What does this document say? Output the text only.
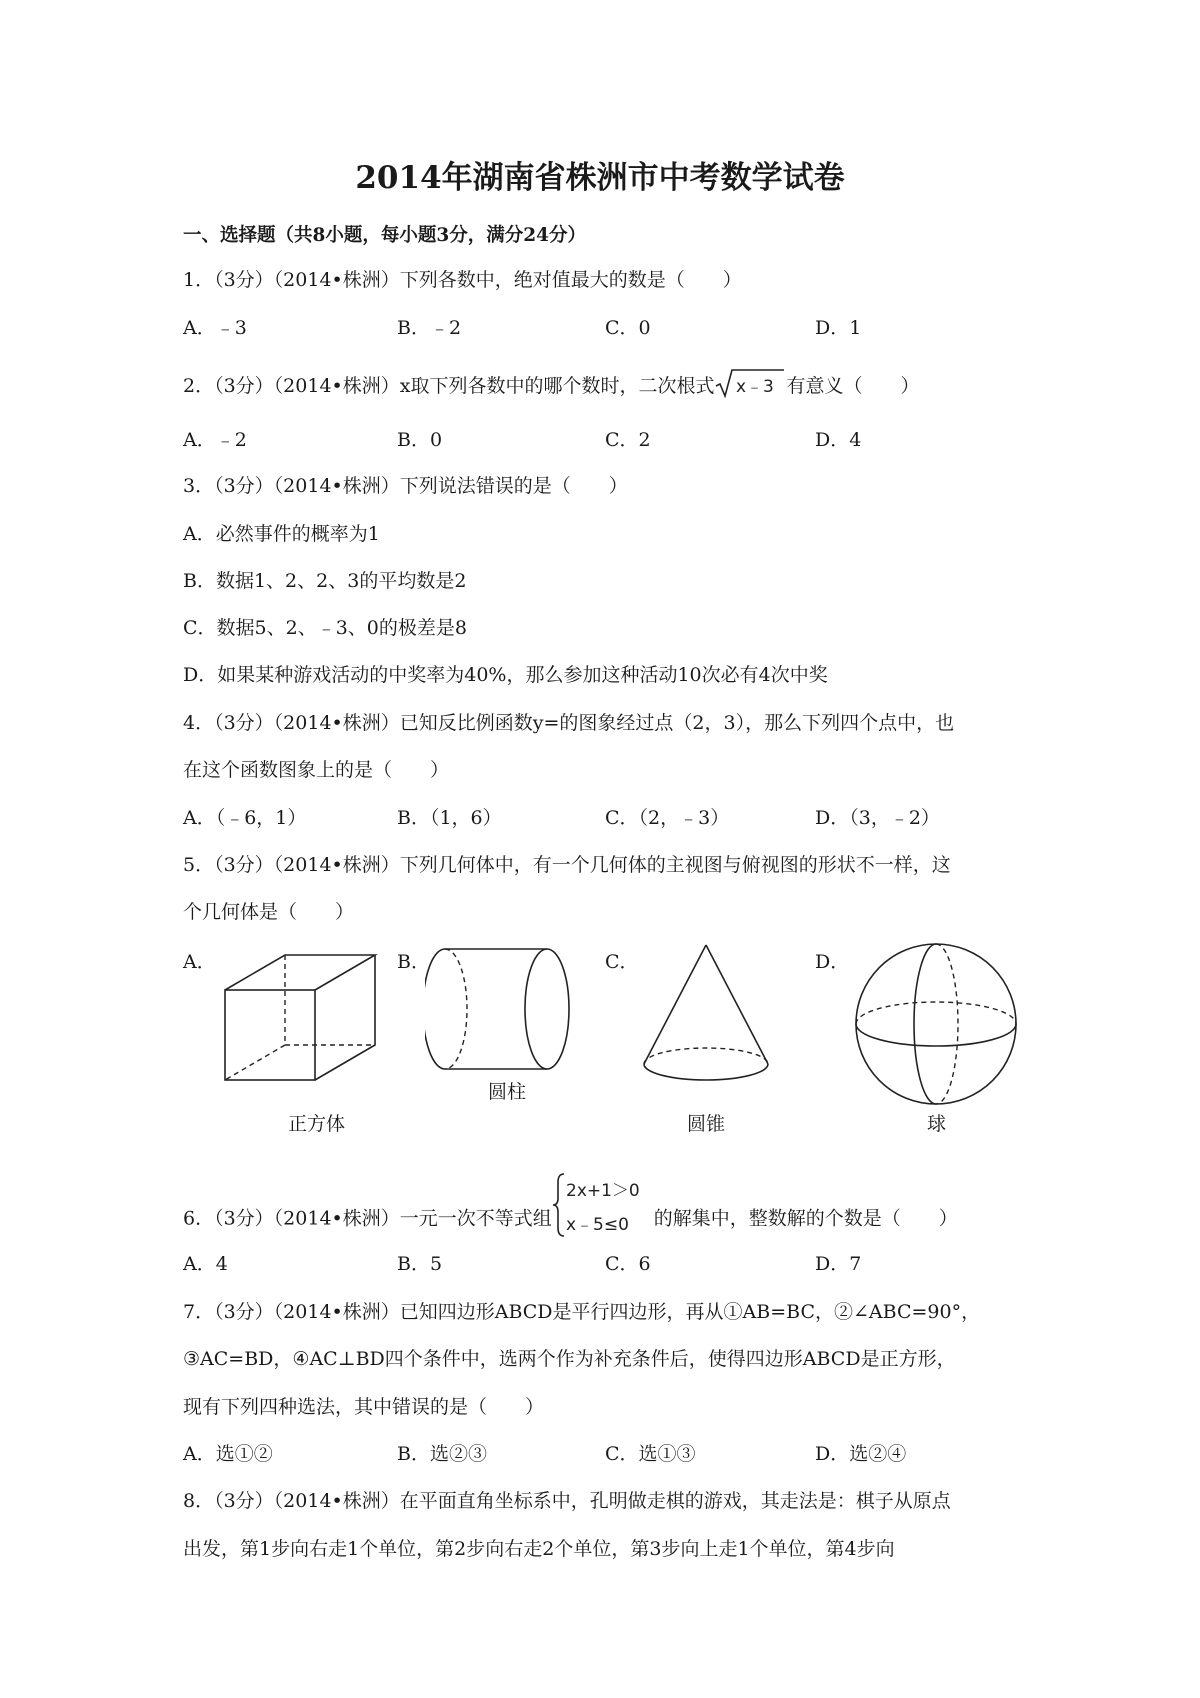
2014年湖南省株洲市中考数学试卷
一、选择题（共8小题，每小题3分，满分24分）
1．（3分）（2014•株洲）下列各数中，绝对值最大的数是（　　）
A．﹣3	B．﹣2	C．0	D．1
2．（3分）（2014•株洲）x取下列各数中的哪个数时，二次根式 x﹣3 有意义（　　）
A．﹣2	B．0	C．2	D．4
3．（3分）（2014•株洲）下列说法错误的是（　　）
A．必然事件的概率为1
B．数据1、2、2、3的平均数是2
C．数据5、2、﹣3、0的极差是8
D．如果某种游戏活动的中奖率为40%，那么参加这种活动10次必有4次中奖
4．（3分）（2014•株洲）已知反比例函数y=的图象经过点（2，3），那么下列四个点中，也
在这个函数图象上的是（　　）
A．（﹣6，1）	B．（1，6）	C．（2，﹣3）	D．（3，﹣2）
5．（3分）（2014•株洲）下列几何体中，有一个几何体的主视图与俯视图的形状不一样，这
个几何体是（　　）
A．	B．	C．	D．
圆柱
正方体	圆锥	球
6．（3分）（2014•株洲）一元一次不等式组
2x+1＞0
x﹣5≤0 的解集中，整数解的个数是（　　）
A．4	B．5	C．6	D．7
7．（3分）（2014•株洲）已知四边形ABCD是平行四边形，再从①AB=BC，②∠ABC=90°，
③AC=BD，④AC⊥BD四个条件中，选两个作为补充条件后，使得四边形ABCD是正方形，
现有下列四种选法，其中错误的是（　　）
A．选①②	B．选②③	C．选①③	D．选②④
8．（3分）（2014•株洲）在平面直角坐标系中，孔明做走棋的游戏，其走法是：棋子从原点
出发，第1步向右走1个单位，第2步向右走2个单位，第3步向上走1个单位，第4步向
